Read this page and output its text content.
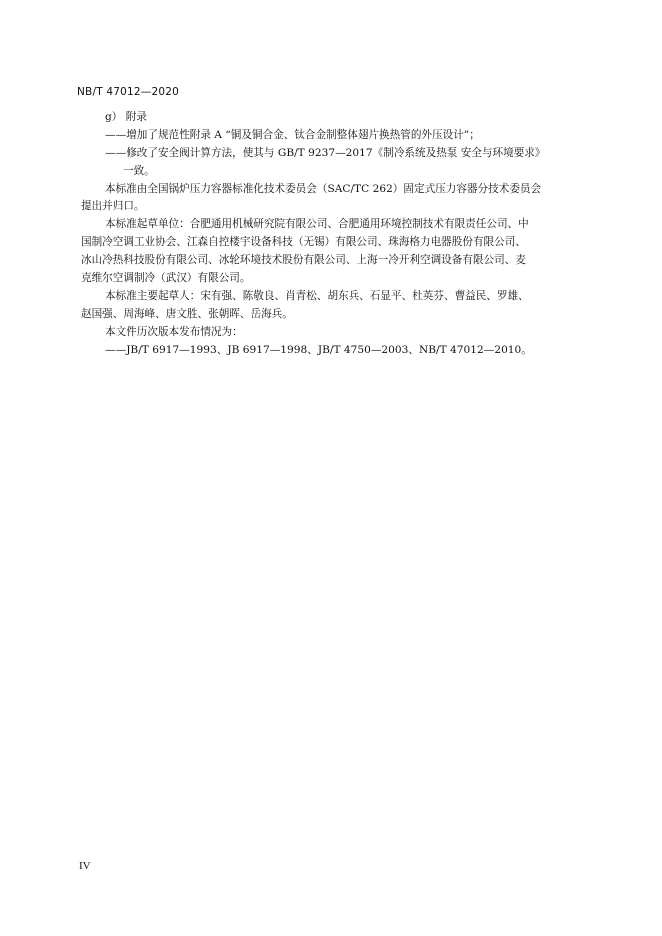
NB/T 47012—2020
g） 附录
——增加了规范性附录 A “铜及铜合金、钛合金制整体翅片换热管的外压设计”；
——修改了安全阀计算方法，使其与 GB/T 9237—2017《制冷系统及热泵 安全与环境要求》
一致。
本标准由全国锅炉压力容器标准化技术委员会（SAC/TC 262）固定式压力容器分技术委员会
提出并归口。
本标准起草单位：合肥通用机械研究院有限公司、合肥通用环境控制技术有限责任公司、中
国制冷空调工业协会、江森自控楼宇设备科技（无锡）有限公司、珠海格力电器股份有限公司、
冰山冷热科技股份有限公司、冰轮环境技术股份有限公司、上海一冷开利空调设备有限公司、麦
克维尔空调制冷（武汉）有限公司。
本标准主要起草人：宋有强、陈敬良、肖青松、胡东兵、石显平、杜英芬、曹益民、罗雄、
赵国强、周海峰、唐文胜、张朝晖、岳海兵。
本文件历次版本发布情况为：
——JB/T 6917—1993、JB 6917—1998、JB/T 4750—2003、NB/T 47012—2010。
IV
